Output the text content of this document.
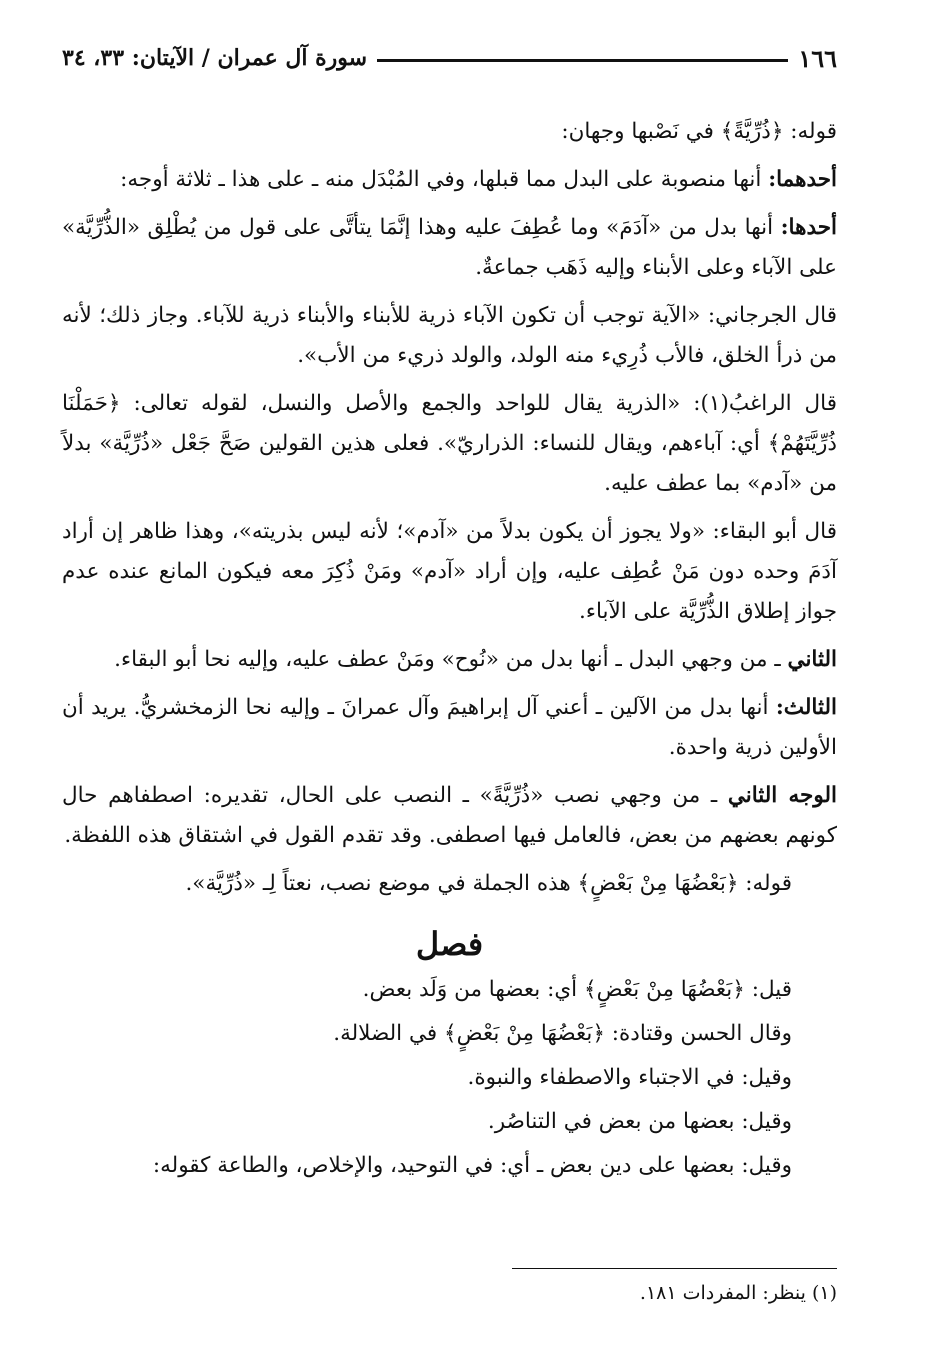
١٦٦
سورة آل عمران / الآيتان: ٣٣، ٣٤

قوله: ﴿ذُرِّيَّةً﴾ في نَصْبها وجهان:

أحدهما: أنها منصوبة على البدل مما قبلها، وفي المُبْدَل منه ـ على هذا ـ ثلاثة أوجه:

أحدها: أنها بدل من «آدَمَ» وما عُطِفَ عليه وهذا إنَّمَا يتأتَّى على قول من يُطْلِق «الذُّرِّيَّة» على الآباء وعلى الأبناء وإليه ذَهَب جماعةٌ.

قال الجرجاني: «الآية توجب أن تكون الآباء ذرية للأبناء والأبناء ذرية للآباء. وجاز ذلك؛ لأنه من ذرأ الخلق، فالأب ذُرِيء منه الولد، والولد ذريء من الأب».

قال الراغبُ(١): «الذرية يقال للواحد والجمع والأصل والنسل، لقوله تعالى: ﴿حَمَلْنَا ذُرِّيَّتَهُمْ﴾ أي: آباءهم، ويقال للنساء: الذراريّ». فعلى هذين القولين صَحَّ جَعْل «ذُرِّيَّة» بدلاً من «آدم» بما عطف عليه.

قال أبو البقاء: «ولا يجوز أن يكون بدلاً من «آدم»؛ لأنه ليس بذريته»، وهذا ظاهر إن أراد آدَمَ وحده دون مَنْ عُطِف عليه، وإن أراد «آدم» ومَنْ ذُكِرَ معه فيكون المانع عنده عدم جواز إطلاق الذُّرِّيَّة على الآباء.

الثاني ـ من وجهي البدل ـ أنها بدل من «نُوح» ومَنْ عطف عليه، وإليه نحا أبو البقاء.

الثالث: أنها بدل من الآلين ـ أعني آل إبراهيمَ وآل عمرانَ ـ وإليه نحا الزمخشريُّ. يريد أن الأولين ذرية واحدة.

الوجه الثاني ـ من وجهي نصب «ذُرِّيَّةً» ـ النصب على الحال، تقديره: اصطفاهم حال كونهم بعضهم من بعض، فالعامل فيها اصطفى. وقد تقدم القول في اشتقاق هذه اللفظة.

قوله: ﴿بَعْضُهَا مِنْ بَعْضٍ﴾ هذه الجملة في موضع نصب، نعتاً لِـ «ذُرِّيَّة».

فصل

قيل: ﴿بَعْضُهَا مِنْ بَعْضٍ﴾ أي: بعضها من وَلَد بعض.

وقال الحسن وقتادة: ﴿بَعْضُهَا مِنْ بَعْضٍ﴾ في الضلالة.

وقيل: في الاجتباء والاصطفاء والنبوة.

وقيل: بعضها من بعض في التناصُر.

وقيل: بعضها على دين بعض ـ أي: في التوحيد، والإخلاص، والطاعة كقوله:

(١) ينظر: المفردات ١٨١.
